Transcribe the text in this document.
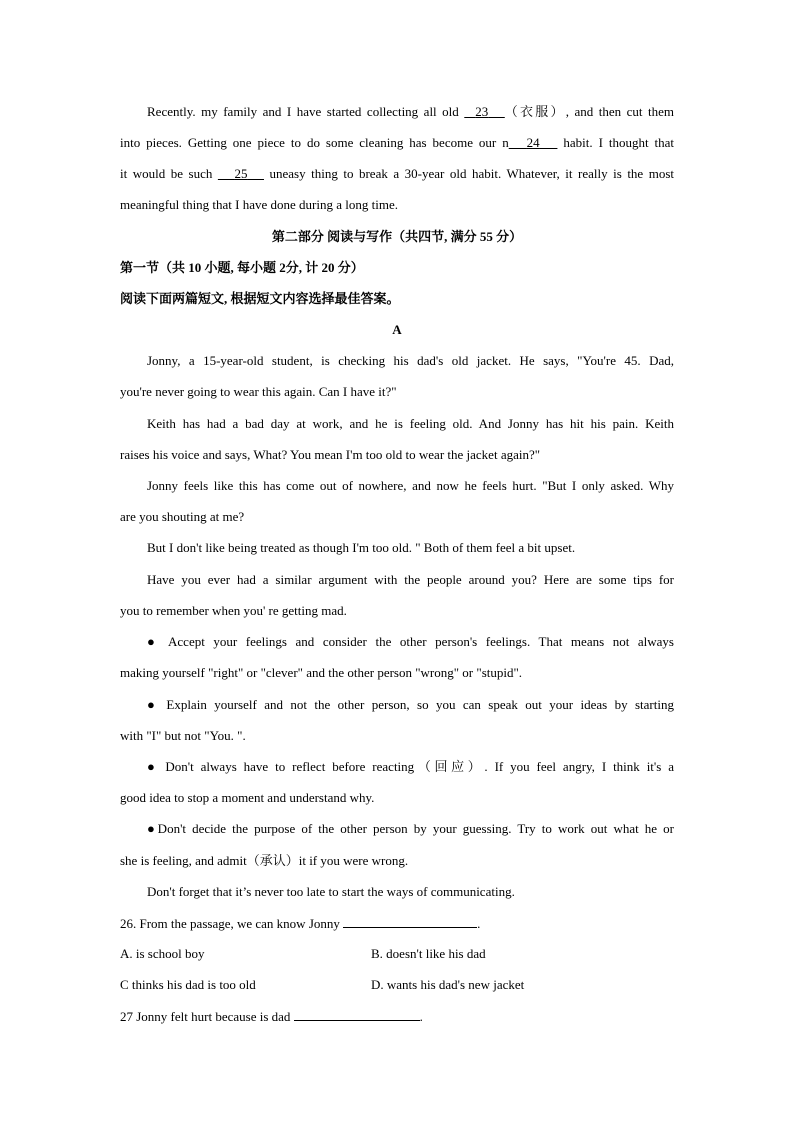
Recently. my family and I have started collecting all old   23 （衣服）, and then cut them
into pieces. Getting one piece to do some cleaning has become our n 24    habit. I thought that
it would be such    25    uneasy thing to break a 30-year old habit. Whatever, it really is the most
meaningful thing that I have done during a long time.
第二部分 阅读与写作（共四节, 满分 55 分）
第一节（共 10 小题, 每小题 2分, 计 20 分）
阅读下面两篇短文, 根据短文内容选择最佳答案。
A
Jonny, a 15-year-old student, is checking his dad's old jacket. He says, "You're 45. Dad,
you're never going to wear this again. Can I have it?"
Keith has had a bad day at work, and he is feeling old. And Jonny has hit his pain. Keith
raises his voice and says, What? You mean I'm too old to wear the jacket again?"
Jonny feels like this has come out of nowhere, and now he feels hurt. "But I only asked. Why
are you shouting at me?
But I don't like being treated as though I'm too old. " Both of them feel a bit upset.
Have you ever had a similar argument with the people around you? Here are some tips for
you to remember when you' re getting mad.
● Accept your feelings and consider the other person's feelings. That means not always
making yourself "right" or "clever" and the other person "wrong" or "stupid".
● Explain yourself and not the other person, so you can speak out your ideas by starting
with "I" but not "You. ".
● Don't always have to reflect before reacting（回应）. If you feel angry, I think it's a
good idea to stop a moment and understand why.
●Don't decide the purpose of the other person by your guessing. Try to work out what he or
she is feeling, and admit（承认）it if you were wrong.
Don't forget that it’s never too late to start the ways of communicating.
26. From the passage, we can know Jonny	.
A. is school boy	B. doesn't like his dad
C thinks his dad is too old	D. wants his dad's new jacket
27 Jonny felt hurt because is dad	.
